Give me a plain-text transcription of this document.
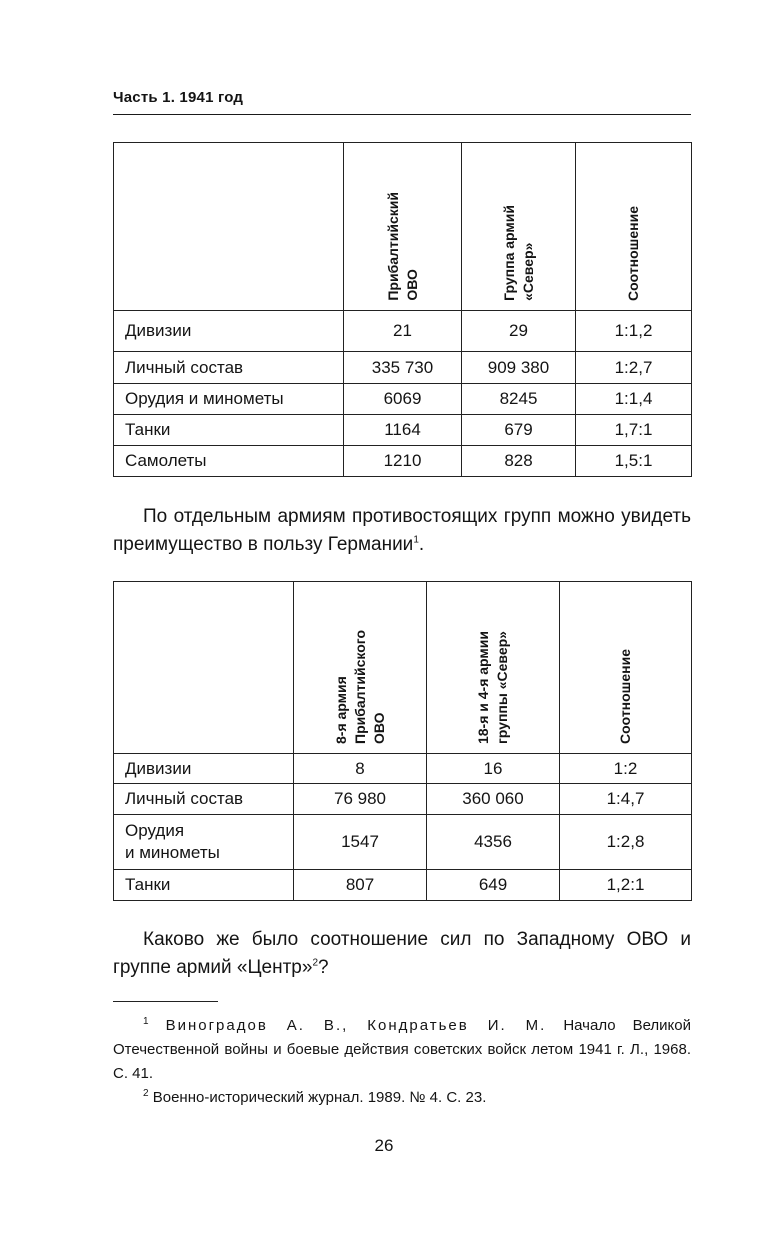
Часть 1. 1941 год

	Прибалтийский ОВО	Группа армий «Север»	Соотношение

Дивизии	21	29	1:1,2
Личный состав	335 730	909 380	1:2,7
Орудия и минометы	6069	8245	1:1,4
Танки	1164	679	1,7:1
Самолеты	1210	828	1,5:1

По отдельным армиям противостоящих групп можно увидеть преимущество в пользу Германии$^1$.

	8-я армия Прибалтийского ОВО	18-я и 4-я армии группы «Север»	Соотношение

Дивизии	8	16	1:2
Личный состав	76 980	360 060	1:4,7

Орудия
и минометы	1547	4356	1:2,8
Танки	807	649	1,2:1

Каково же было соотношение сил по Западному ОВО и группе армий «Центр»$^2$?

$^1$ Виноградов А. В., Кондратьев И. М. Начало Великой Отечественной войны и боевые действия советских войск летом 1941 г. Л., 1968. С. 41.

$^2$ Военно-исторический журнал. 1989. № 4. С. 23.

26
